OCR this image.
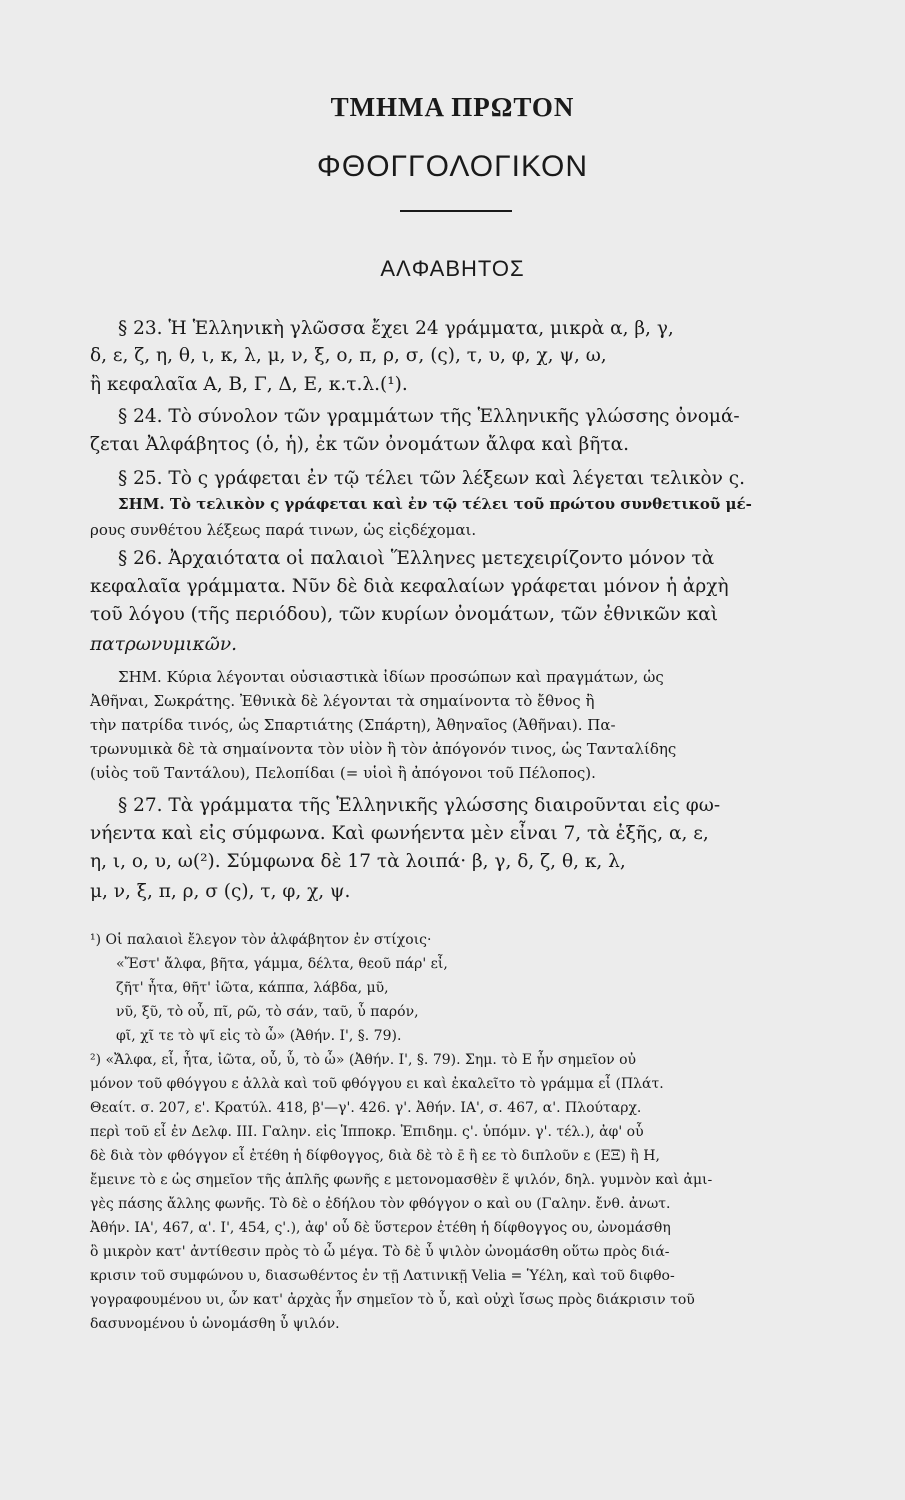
ΤΜΗΜΑ ΠΡΩΤΟΝ
ΦΘΟΓΓΟΛΟΓΙΚΟΝ
ΑΛΦΑΒΗΤΟΣ
§ 23. Ἡ Ἑλληνικὴ γλῶσσα ἔχει 24 γράμματα, μικρὰ α, β, γ,
δ, ε, ζ, η, θ, ι, κ, λ, μ, ν, ξ, ο, π, ρ, σ, (ς), τ, υ, φ, χ, ψ, ω,
ἢ κεφαλαῖα Α, Β, Γ, Δ, Ε, κ.τ.λ.(¹).
§ 24. Τὸ σύνολον τῶν γραμμάτων τῆς Ἑλληνικῆς γλώσσης ὀνομά-
ζεται Ἀλφάβητος (ὁ, ἡ), ἐκ τῶν ὀνομάτων ἄλφα καὶ βῆτα.
§ 25. Τὸ ς γράφεται ἐν τῷ τέλει τῶν λέξεων καὶ λέγεται τελικὸν ς.
ΣΗΜ. Τὸ τελικὸν ς γράφεται καὶ ἐν τῷ τέλει τοῦ πρώτου συνθετικοῦ μέ-
ρους συνθέτου λέξεως παρά τινων, ὡς εἰςδέχομαι.
§ 26. Ἀρχαιότατα οἱ παλαιοὶ Ἕλληνες μετεχειρίζοντο μόνον τὰ
κεφαλαῖα γράμματα. Νῦν δὲ διὰ κεφαλαίων γράφεται μόνον ἡ ἀρχὴ
τοῦ λόγου (τῆς περιόδου), τῶν κυρίων ὀνομάτων, τῶν ἐθνικῶν καὶ
πατρωνυμικῶν.
ΣΗΜ. Κύρια λέγονται οὐσιαστικὰ ἰδίων προσώπων καὶ πραγμάτων, ὡς
Ἀθῆναι, Σωκράτης. Ἐθνικὰ δὲ λέγονται τὰ σημαίνοντα τὸ ἔθνος ἢ
τὴν πατρίδα τινός, ὡς Σπαρτιάτης (Σπάρτη), Ἀθηναῖος (Ἀθῆναι). Πα-
τρωνυμικὰ δὲ τὰ σημαίνοντα τὸν υἱὸν ἢ τὸν ἀπόγονόν τινος, ὡς Τανταλίδης
(υἱὸς τοῦ Ταντάλου), Πελοπίδαι (= υἱοὶ ἢ ἀπόγονοι τοῦ Πέλοπος).
§ 27. Τὰ γράμματα τῆς Ἑλληνικῆς γλώσσης διαιροῦνται εἰς φω-
νήεντα καὶ εἰς σύμφωνα. Καὶ φωνήεντα μὲν εἶναι 7, τὰ ἑξῆς, α, ε,
η, ι, ο, υ, ω(²). Σύμφωνα δὲ 17 τὰ λοιπά· β, γ, δ, ζ, θ, κ, λ,
μ, ν, ξ, π, ρ, σ (ς), τ, φ, χ, ψ.
¹) Οἱ παλαιοὶ ἔλεγον τὸν ἀλφάβητον ἐν στίχοις·
«Ἔστ' ἄλφα, βῆτα, γάμμα, δέλτα, θεοῦ πάρ' εἶ,
ζῆτ' ἦτα, θῆτ' ἰῶτα, κάππα, λάβδα, μῦ,
νῦ, ξῦ, τὸ οὖ, πῖ, ρῶ, τὸ σάν, ταῦ, ὖ παρόν,
φῖ, χῖ τε τὸ ψῖ εἰς τὸ ὦ» (Ἀθήν. Ι', §. 79).
²) «Ἄλφα, εἶ, ἦτα, ἰῶτα, οὖ, ὖ, τὸ ὦ» (Ἀθήν. Ι', §. 79). Σημ. τὸ Ε ἦν σημεῖον οὐ
μόνον τοῦ φθόγγου ε ἀλλὰ καὶ τοῦ φθόγγου ει καὶ ἐκαλεῖτο τὸ γράμμα εἶ (Πλάτ.
Θεαίτ. σ. 207, ε'. Κρατύλ. 418, β'—γ'. 426. γ'. Ἀθήν. ΙΑ', σ. 467, α'. Πλούταρχ.
περὶ τοῦ εἶ ἐν Δελφ. ΙΙΙ. Γαλην. εἰς Ἱπποκρ. Ἐπιδημ. ς'. ὑπόμν. γ'. τέλ.), ἀφ' οὗ
δὲ διὰ τὸν φθόγγον εἶ ἐτέθη ἡ δίφθογγος, διὰ δὲ τὸ ε̄ ἢ εε τὸ διπλοῦν ε (ΕΞ) ἢ Η,
ἔμεινε τὸ ε ὡς σημεῖον τῆς ἁπλῆς φωνῆς ε μετονομασθὲν ε̃ ψιλόν, δηλ. γυμνὸν καὶ ἀμι-
γὲς πάσης ἄλλης φωνῆς. Τὸ δὲ ο ἐδήλου τὸν φθόγγον ο καὶ ου (Γαλην. ἔνθ. ἀνωτ.
Ἀθήν. ΙΑ', 467, α'. Ι', 454, ς'.), ἀφ' οὗ δὲ ὕστερον ἐτέθη ἡ δίφθογγος ου, ὠνομάσθη
ὃ μικρὸν κατ' ἀντίθεσιν πρὸς τὸ ὦ μέγα. Τὸ δὲ ὖ ψιλὸν ὠνομάσθη οὕτω πρὸς διά-
κρισιν τοῦ συμφώνου υ, διασωθέντος ἐν τῇ Λατινικῇ Velia = Ὑέλη, καὶ τοῦ διφθο-
γογραφουμένου υι, ὧν κατ' ἀρχὰς ἦν σημεῖον τὸ ὖ, καὶ οὐχὶ ἴσως πρὸς διάκρισιν τοῦ
δασυνομένου ὑ ὠνομάσθη ὖ ψιλόν.
